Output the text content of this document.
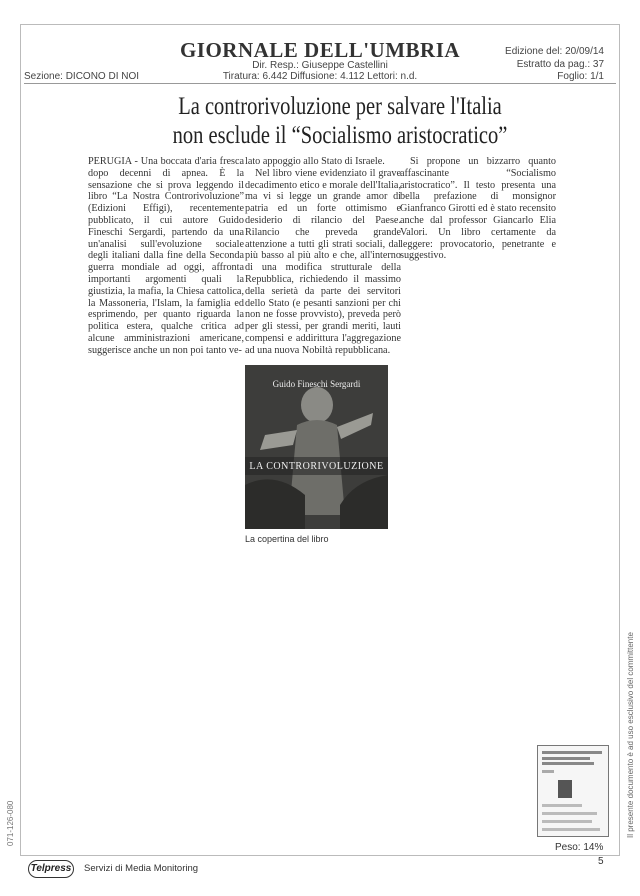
GIORNALE DELL'UMBRIA
Dir. Resp.: Giuseppe Castellini
Tiratura: 6.442 Diffusione: 4.112 Lettori: n.d.
Sezione: DICONO DI NOI
Edizione del: 20/09/14
Estratto da pag.: 37
Foglio: 1/1
La controrivoluzione per salvare l'Italia
non esclude il “Socialismo aristocratico”

PERUGIA - Una boccata d'aria fresca dopo decenni di apnea. È la sensazione che si prova leggendo il libro “La Nostra Controrivoluzione” (Edizioni Effigi), recentemente pubblicato, il cui autore Guido Fineschi Sergardi, partendo da una un'analisi sull'evoluzione sociale degli italiani dalla fine della Seconda guerra mondiale ad oggi, affronta importanti argomenti quali la giustizia, la mafia, la Chiesa cattolica, la Massoneria, l'Islam, la famiglia ed esprimendo, per quanto riguarda la politica estera, qualche critica ad alcune amministrazioni americane, suggerisce anche un non poi tanto ve-

lato appoggio allo Stato di Israele.

Nel libro viene evidenziato il grave decadimento etico e morale dell'Italia, ma vi si legge un grande amor di patria ed un forte ottimismo e desiderio di rilancio del Paese. Rilancio che preveda grande attenzione a tutti gli strati sociali, dal più basso al più alto e che, all'interno di una modifica strutturale della Repubblica, richiedendo il massimo della serietà da parte dei servitori dello Stato (e pesanti sanzioni per chi non ne fosse provvisto), preveda però per gli stessi, per grandi meriti, lauti compensi e addirittura l'aggregazione ad una nuova Nobiltà repubblicana.

Si propone un bizzarro quanto affascinante “Socialismo aristocratico”. Il testo presenta una bella prefazione di monsignor Gianfranco Girotti ed è stato recensito anche dal professor Giancarlo Elia Valori. Un libro certamente da leggere: provocatorio, penetrante e suggestivo.

Guido Fineschi Sergardi
LA CONTRORIVOLUZIONE
La copertina del libro
Il presente documento è ad uso esclusivo del committente
071-126-080
Peso: 14%
5
Telpress Servizi di Media Monitoring
